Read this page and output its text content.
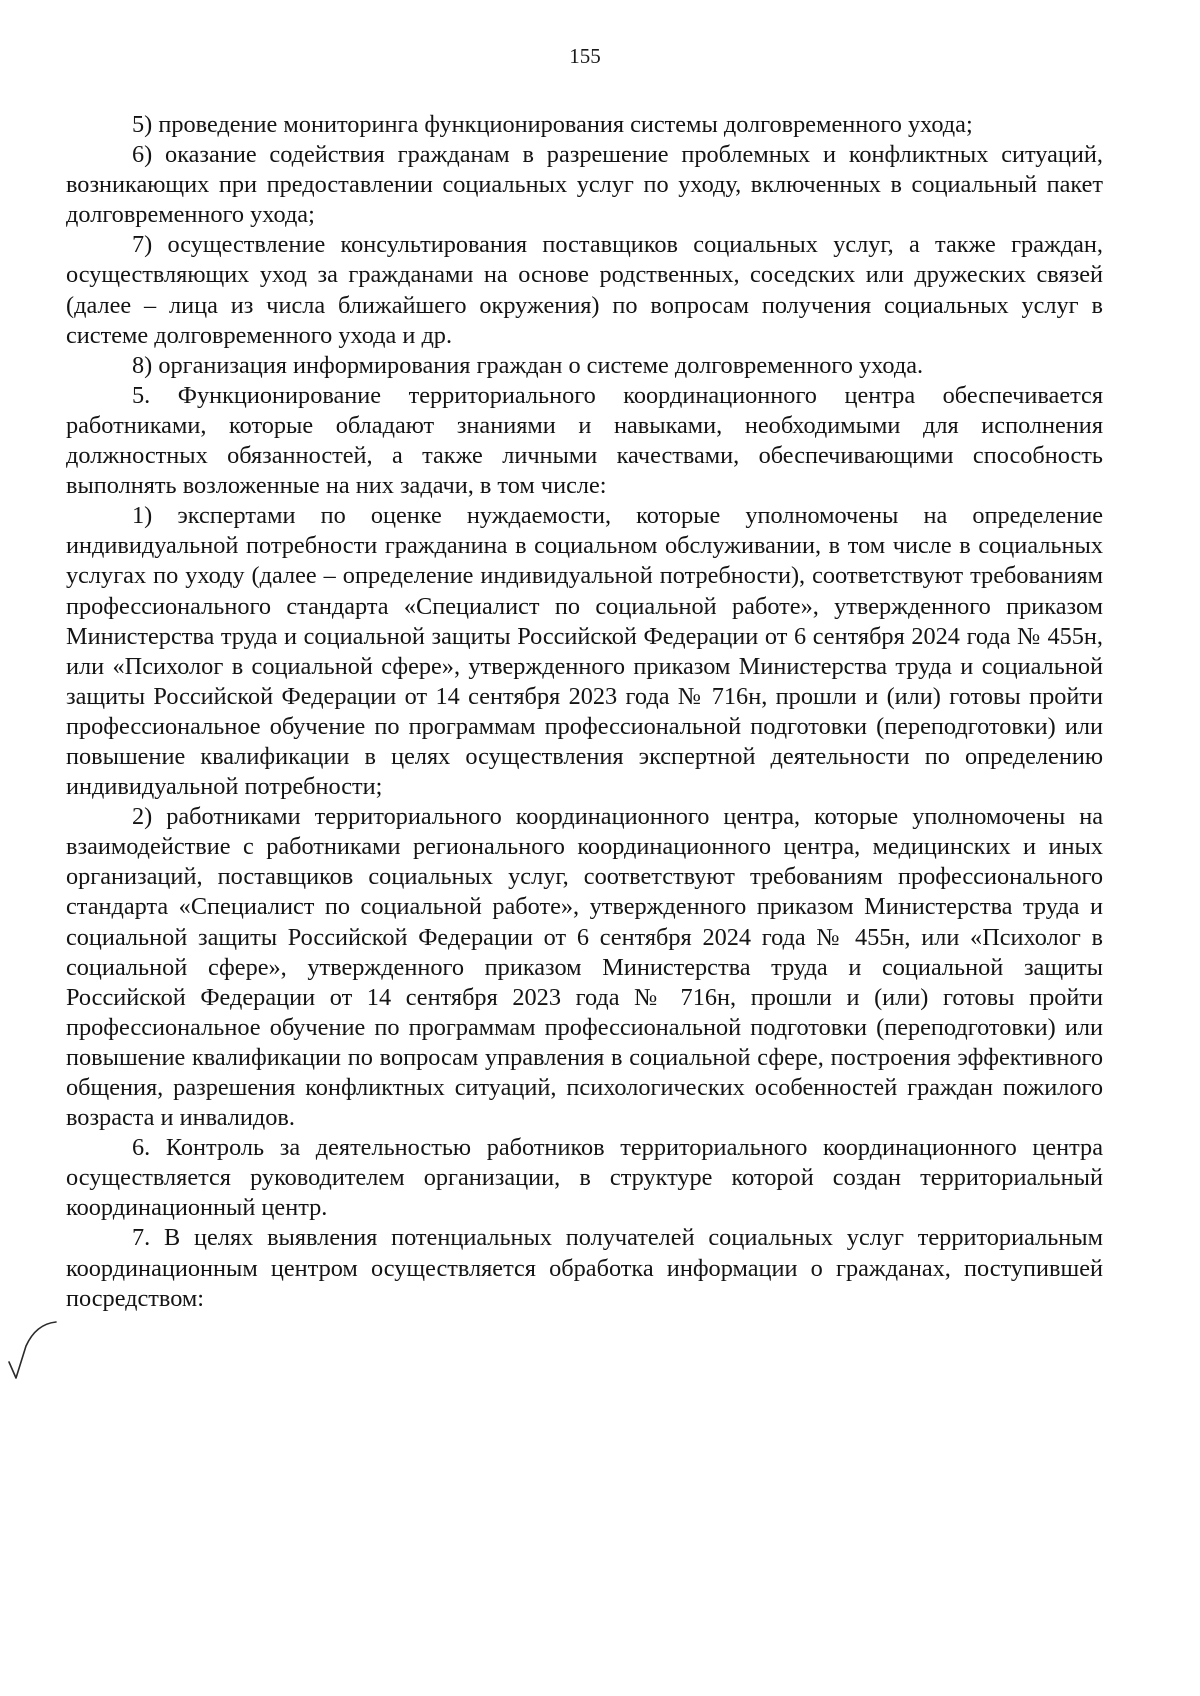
155

5) проведение мониторинга функционирования системы долговременного ухода;

6) оказание содействия гражданам в разрешение проблемных и конфликтных ситуаций, возникающих при предоставлении социальных услуг по уходу, включенных в социальный пакет долговременного ухода;

7) осуществление консультирования поставщиков социальных услуг, а также граждан, осуществляющих уход за гражданами на основе родственных, соседских или дружеских связей (далее – лица из числа ближайшего окружения) по вопросам получения социальных услуг в системе долговременного ухода и др.

8) организация информирования граждан о системе долговременного ухода.

5. Функционирование территориального координационного центра обеспечивается работниками, которые обладают знаниями и навыками, необходимыми для исполнения должностных обязанностей, а также личными качествами, обеспечивающими способность выполнять возложенные на них задачи, в том числе:

1) экспертами по оценке нуждаемости, которые уполномочены на определение индивидуальной потребности гражданина в социальном обслуживании, в том числе в социальных услугах по уходу (далее – определение индивидуальной потребности), соответствуют требованиям профессионального стандарта «Специалист по социальной работе», утвержденного приказом Министерства труда и социальной защиты Российской Федерации от 6 сентября 2024 года № 455н, или «Психолог в социальной сфере», утвержденного приказом Министерства труда и социальной защиты Российской Федерации от 14 сентября 2023 года № 716н, прошли и (или) готовы пройти профессиональное обучение по программам профессиональной подготовки (переподготовки) или повышение квалификации в целях осуществления экспертной деятельности по определению индивидуальной потребности;

2) работниками территориального координационного центра, которые уполномочены на взаимодействие с работниками регионального координационного центра, медицинских и иных организаций, поставщиков социальных услуг, соответствуют требованиям профессионального стандарта «Специалист по социальной работе», утвержденного приказом Министерства труда и социальной защиты Российской Федерации от 6 сентября 2024 года № 455н, или «Психолог в социальной сфере», утвержденного приказом Министерства труда и социальной защиты Российской Федерации от 14 сентября 2023 года № 716н, прошли и (или) готовы пройти профессиональное обучение по программам профессиональной подготовки (переподготовки) или повышение квалификации по вопросам управления в социальной сфере, построения эффективного общения, разрешения конфликтных ситуаций, психологических особенностей граждан пожилого возраста и инвалидов.

6. Контроль за деятельностью работников территориального координационного центра осуществляется руководителем организации, в структуре которой создан территориальный координационный центр.

7. В целях выявления потенциальных получателей социальных услуг территориальным координационным центром осуществляется обработка информации о гражданах, поступившей посредством:
